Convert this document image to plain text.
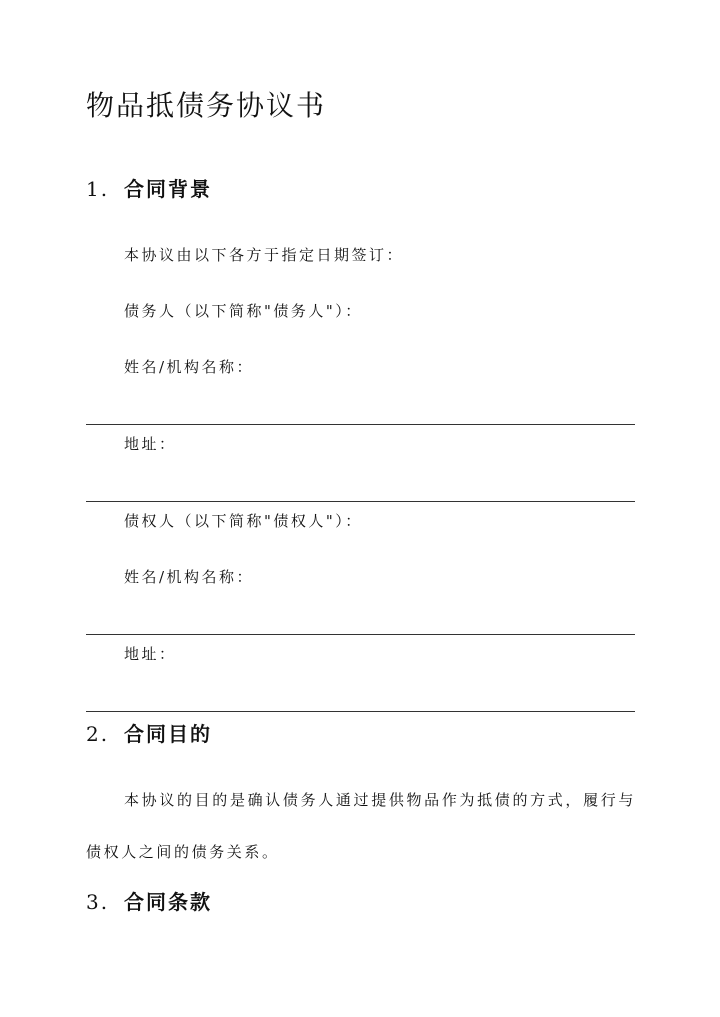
物品抵债务协议书
1. 合同背景
本协议由以下各方于指定日期签订：
债务人（以下简称"债务人"）：
姓名/机构名称：
地址：
债权人（以下简称"债权人"）：
姓名/机构名称：
地址：
2. 合同目的
本协议的目的是确认债务人通过提供物品作为抵债的方式，履行与债权人之间的债务关系。
3. 合同条款
